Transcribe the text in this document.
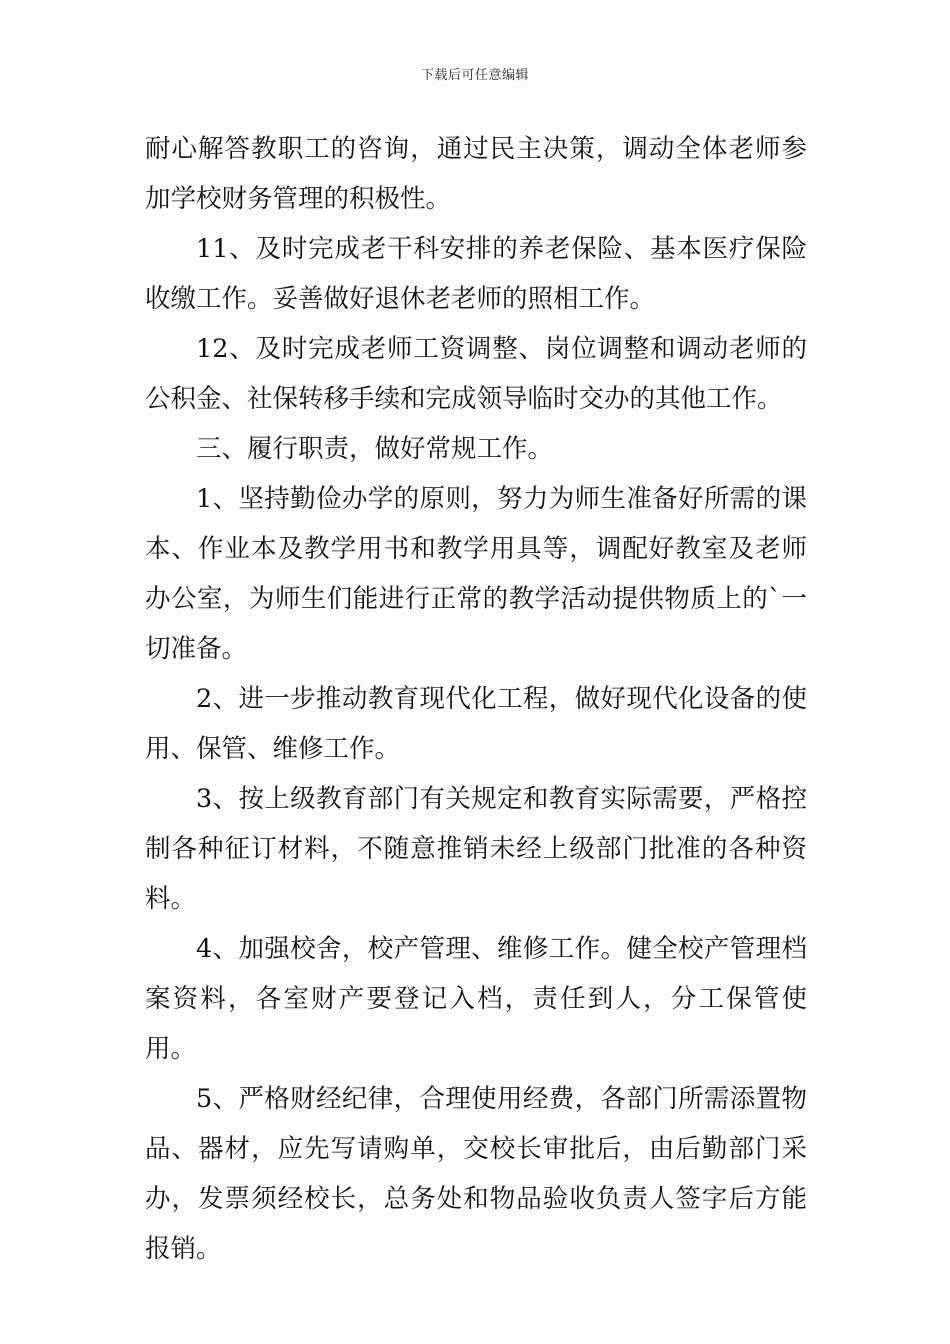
下载后可任意编辑

耐心解答教职工的咨询，通过民主决策，调动全体老师参加学校财务管理的积极性。

11、及时完成老干科安排的养老保险、基本医疗保险收缴工作。妥善做好退休老老师的照相工作。

12、及时完成老师工资调整、岗位调整和调动老师的公积金、社保转移手续和完成领导临时交办的其他工作。

三、履行职责，做好常规工作。

1、坚持勤俭办学的原则，努力为师生准备好所需的课本、作业本及教学用书和教学用具等，调配好教室及老师办公室，为师生们能进行正常的教学活动提供物质上的`一切准备。

2、进一步推动教育现代化工程，做好现代化设备的使用、保管、维修工作。

3、按上级教育部门有关规定和教育实际需要，严格控制各种征订材料，不随意推销未经上级部门批准的各种资料。

4、加强校舍，校产管理、维修工作。健全校产管理档案资料，各室财产要登记入档，责任到人，分工保管使用。

5、严格财经纪律，合理使用经费，各部门所需添置物品、器材，应先写请购单，交校长审批后，由后勤部门采办，发票须经校长，总务处和物品验收负责人签字后方能报销。
